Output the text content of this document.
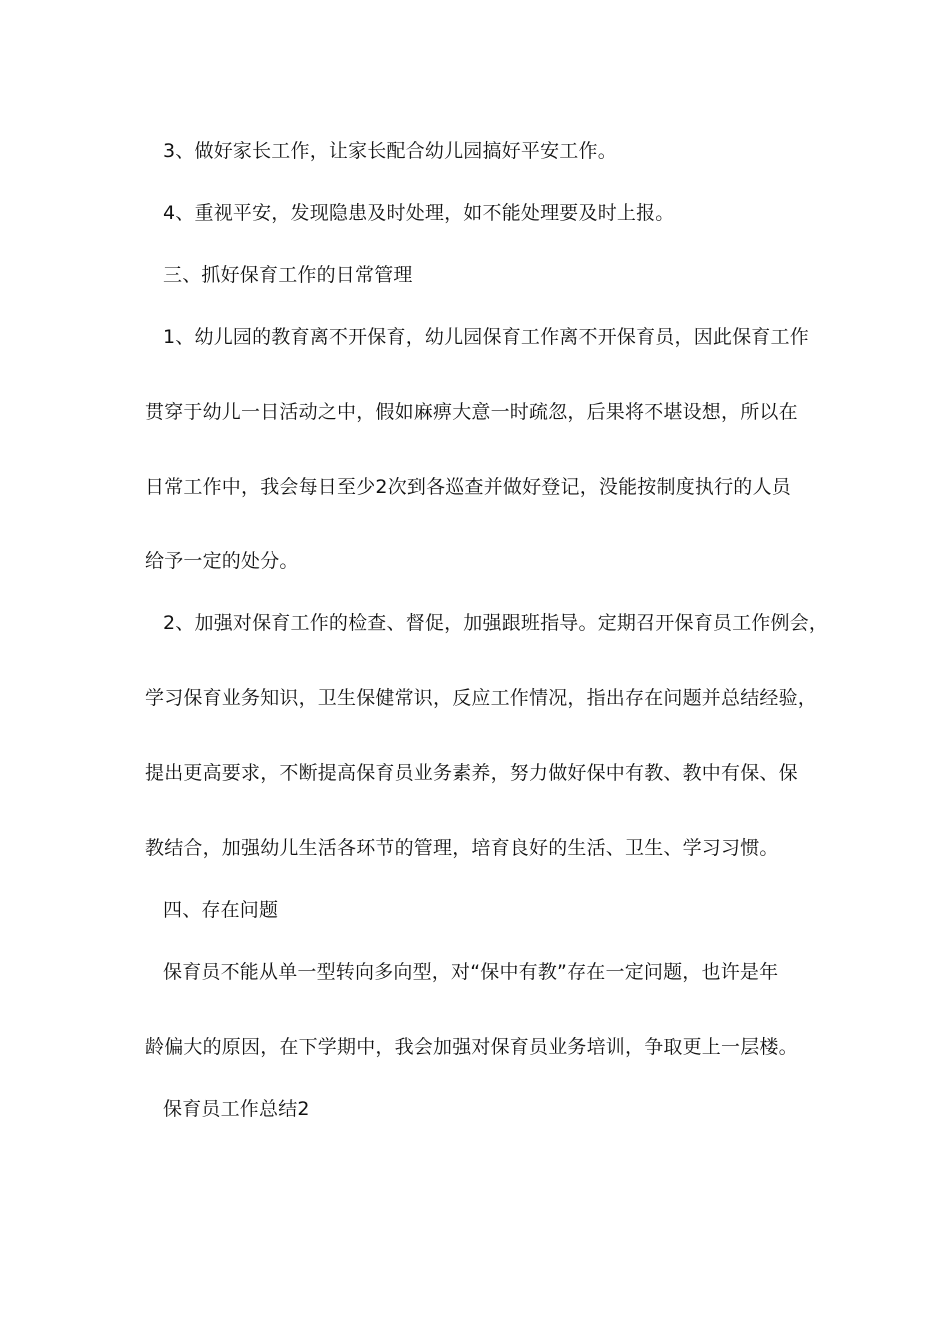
3、做好家长工作，让家长配合幼儿园搞好平安工作。
4、重视平安，发现隐患及时处理，如不能处理要及时上报。
三、抓好保育工作的日常管理
1、幼儿园的教育离不开保育，幼儿园保育工作离不开保育员，因此保育工作
贯穿于幼儿一日活动之中，假如麻痹大意一时疏忽，后果将不堪设想，所以在
日常工作中，我会每日至少2次到各巡查并做好登记，没能按制度执行的人员
给予一定的处分。
2、加强对保育工作的检查、督促，加强跟班指导。定期召开保育员工作例会，
学习保育业务知识，卫生保健常识，反应工作情况，指出存在问题并总结经验，
提出更高要求，不断提高保育员业务素养，努力做好保中有教、教中有保、保
教结合，加强幼儿生活各环节的管理，培育良好的生活、卫生、学习习惯。
四、存在问题
保育员不能从单一型转向多向型，对“保中有教”存在一定问题，也许是年
龄偏大的原因，在下学期中，我会加强对保育员业务培训，争取更上一层楼。
保育员工作总结2
